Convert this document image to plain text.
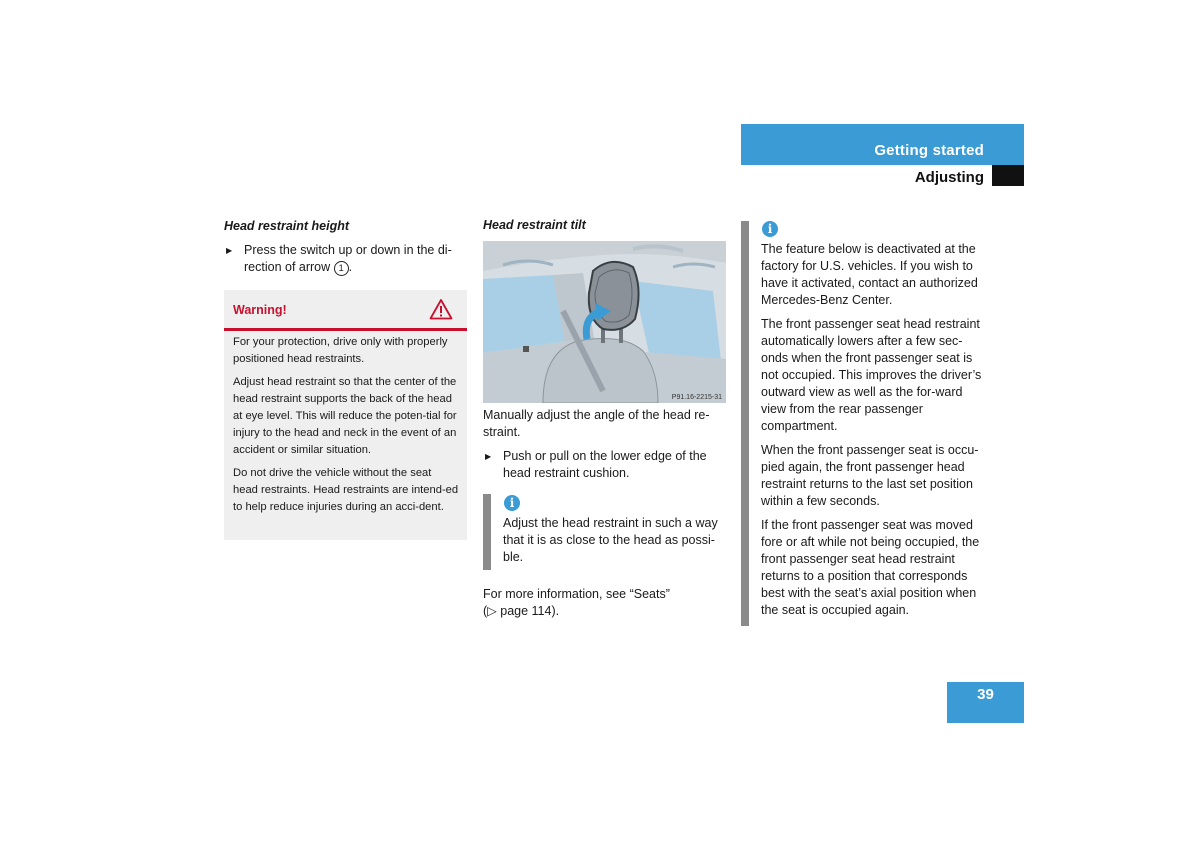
Getting started
Adjusting
Head restraint height
▶ Press the switch up or down in the di-rection of arrow 1 .
Warning!

For your protection, drive only with properly positioned head restraints.

Adjust head restraint so that the center of the head restraint supports the back of the head at eye level. This will reduce the poten-tial for injury to the head and neck in the event of an accident or similar situation.

Do not drive the vehicle without the seat head restraints. Head restraints are intend-ed to help reduce injuries during an acci-dent.

Head restraint tilt
P91.16-2215-31
Manually adjust the angle of the head re-straint.
▶ Push or pull on the lower edge of the head restraint cushion.
i
Adjust the head restraint in such a way that it is as close to the head as possi-ble.
For more information, see “Seats”
(▷ page 114).
i

The feature below is deactivated at the factory for U.S. vehicles. If you wish to have it activated, contact an authorized Mercedes-Benz Center.

The front passenger seat head restraint automatically lowers after a few sec-onds when the front passenger seat is not occupied. This improves the driver’s outward view as well as the for-ward view from the rear passenger compartment.

When the front passenger seat is occu-pied again, the front passenger head restraint returns to the last set position within a few seconds.

If the front passenger seat was moved fore or aft while not being occupied, the front passenger seat head restraint returns to a position that corresponds best with the seat’s axial position when the seat is occupied again.

39
